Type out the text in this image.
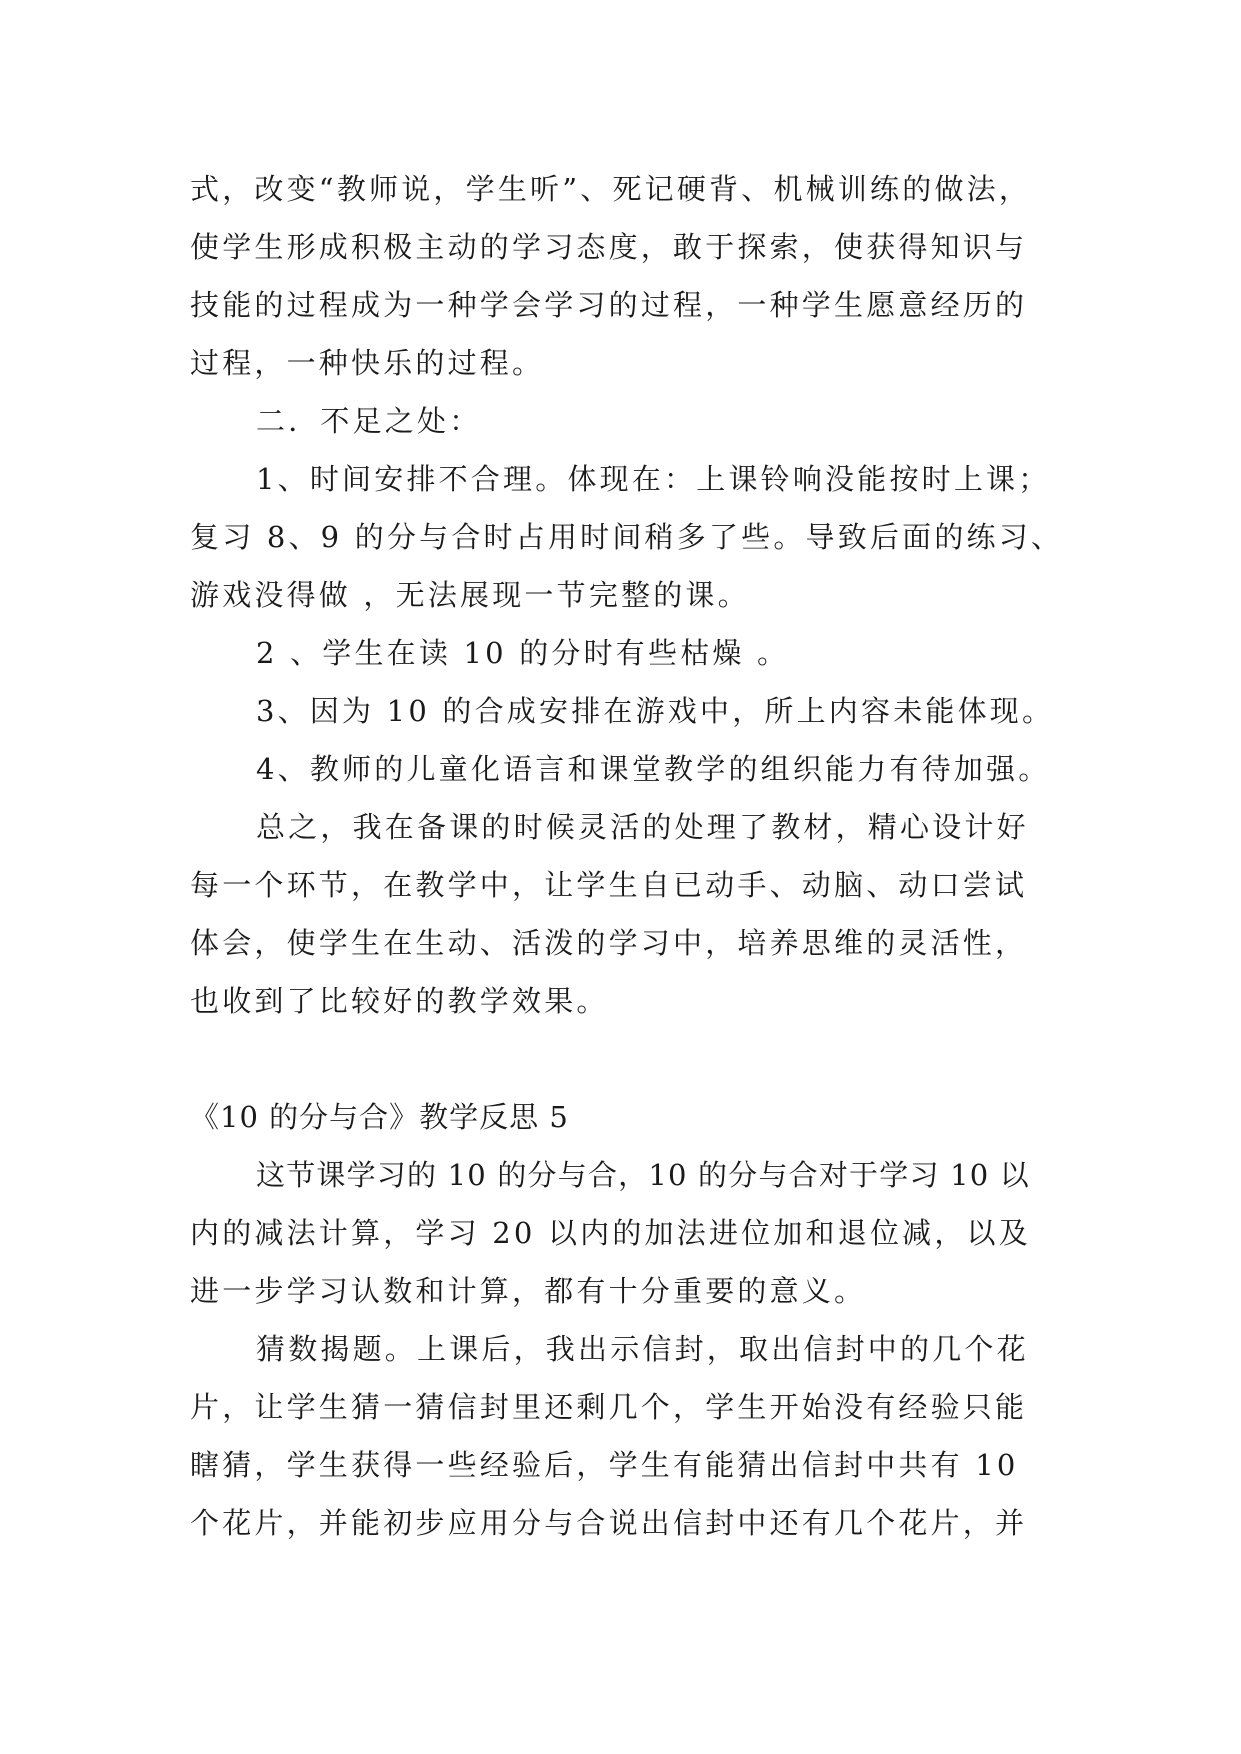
式，改变“教师说，学生听”、死记硬背、机械训练的做法，
使学生形成积极主动的学习态度，敢于探索，使获得知识与
技能的过程成为一种学会学习的过程，一种学生愿意经历的
过程，一种快乐的过程。
二．不足之处：
1、时间安排不合理。体现在：上课铃响没能按时上课；
复习 8、9 的分与合时占用时间稍多了些。导致后面的练习、
游戏没得做 ，无法展现一节完整的课。
2 、学生在读 10 的分时有些枯燥 。
3、因为 10 的合成安排在游戏中，所上内容未能体现。
4、教师的儿童化语言和课堂教学的组织能力有待加强。
总之，我在备课的时候灵活的处理了教材，精心设计好
每一个环节，在教学中，让学生自已动手、动脑、动口尝试
体会，使学生在生动、活泼的学习中，培养思维的灵活性，
也收到了比较好的教学效果。
《10 的分与合》教学反思 5
这节课学习的 10 的分与合，10 的分与合对于学习 10 以
内的减法计算，学习 20 以内的加法进位加和退位减，以及
进一步学习认数和计算，都有十分重要的意义。
猜数揭题。上课后，我出示信封，取出信封中的几个花
片，让学生猜一猜信封里还剩几个，学生开始没有经验只能
瞎猜，学生获得一些经验后，学生有能猜出信封中共有 10
个花片，并能初步应用分与合说出信封中还有几个花片，并
